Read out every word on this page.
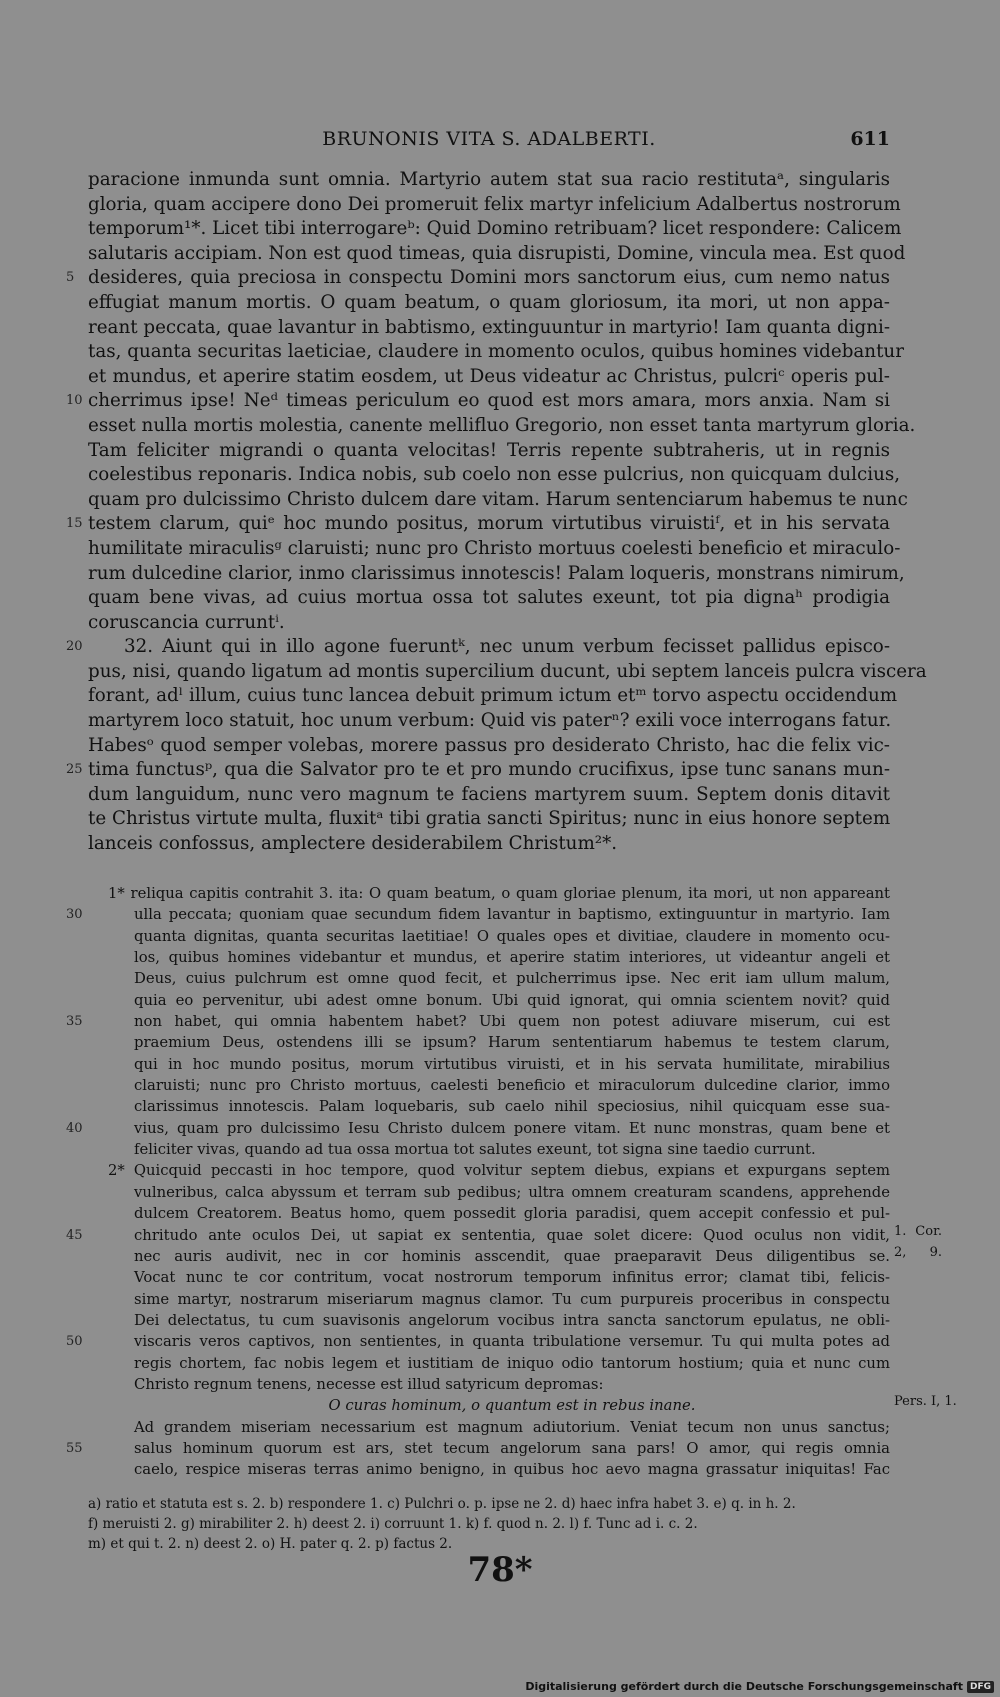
BRUNONIS VITA S. ADALBERTI.	611
paracione inmunda sunt omnia. Martyrio autem stat sua racio restitutaᵃ, singularis
gloria, quam accipere dono Dei promeruit felix martyr infelicium Adalbertus nostrorum
temporum¹*. Licet tibi interrogareᵇ: Quid Domino retribuam? licet respondere: Calicem
salutaris accipiam. Non est quod timeas, quia disrupisti, Domine, vincula mea. Est quod
5 desideres, quia preciosa in conspectu Domini mors sanctorum eius, cum nemo natus
effugiat manum mortis. O quam beatum, o quam gloriosum, ita mori, ut non appa-
reant peccata, quae lavantur in babtismo, extinguuntur in martyrio! Iam quanta digni-
tas, quanta securitas laeticiae, claudere in momento oculos, quibus homines videbantur
et mundus, et aperire statim eosdem, ut Deus videatur ac Christus, pulcriᶜ operis pul-
10 cherrimus ipse! Neᵈ timeas periculum eo quod est mors amara, mors anxia. Nam si
esset nulla mortis molestia, canente mellifluo Gregorio, non esset tanta martyrum gloria.
Tam feliciter migrandi o quanta velocitas! Terris repente subtraheris, ut in regnis
coelestibus reponaris. Indica nobis, sub coelo non esse pulcrius, non quicquam dulcius,
quam pro dulcissimo Christo dulcem dare vitam. Harum sentenciarum habemus te nunc
15 testem clarum, quiᵉ hoc mundo positus, morum virtutibus viruistiᶠ, et in his servata
humilitate miraculisᵍ claruisti; nunc pro Christo mortuus coelesti beneficio et miraculo-
rum dulcedine clarior, inmo clarissimus innotescis! Palam loqueris, monstrans nimirum,
quam bene vivas, ad cuius mortua ossa tot salutes exeunt, tot pia dignaʰ prodigia
coruscancia curruntⁱ.
20 32. Aiunt qui in illo agone fueruntᵏ, nec unum verbum fecisset pallidus episco-
pus, nisi, quando ligatum ad montis supercilium ducunt, ubi septem lanceis pulcra viscera
forant, adˡ illum, cuius tunc lancea debuit primum ictum etᵐ torvo aspectu occidendum
martyrem loco statuit, hoc unum verbum: Quid vis paterⁿ? exili voce interrogans fatur.
Habesᵒ quod semper volebas, morere passus pro desiderato Christo, hac die felix vic-
25 tima functusᵖ, qua die Salvator pro te et pro mundo crucifixus, ipse tunc sanans mun-
dum languidum, nunc vero magnum te faciens martyrem suum. Septem donis ditavit
te Christus virtute multa, fluxitᵃ tibi gratia sancti Spiritus; nunc in eius honore septem
lanceis confossus, amplectere desiderabilem Christum²*.
1* reliqua capitis contrahit 3. ita: O quam beatum, o quam gloriae plenum, ita mori, ut non appareant
30	ulla peccata; quoniam quae secundum fidem lavantur in baptismo, extinguuntur in martyrio. Iam
quanta dignitas, quanta securitas laetitiae! O quales opes et divitiae, claudere in momento ocu-
los, quibus homines videbantur et mundus, et aperire statim interiores, ut videantur angeli et
Deus, cuius pulchrum est omne quod fecit, et pulcherrimus ipse. Nec erit iam ullum malum,
quia eo pervenitur, ubi adest omne bonum. Ubi quid ignorat, qui omnia scientem novit? quid
35	non habet, qui omnia habentem habet? Ubi quem non potest adiuvare miserum, cui est
praemium Deus, ostendens illi se ipsum? Harum sententiarum habemus te testem clarum,
qui in hoc mundo positus, morum virtutibus viruisti, et in his servata humilitate, mirabilius
claruisti; nunc pro Christo mortuus, caelesti beneficio et miraculorum dulcedine clarior, immo
clarissimus innotescis. Palam loquebaris, sub caelo nihil speciosius, nihil quicquam esse sua-
40	vius, quam pro dulcissimo Iesu Christo dulcem ponere vitam. Et nunc monstras, quam bene et
feliciter vivas, quando ad tua ossa mortua tot salutes exeunt, tot signa sine taedio currunt.
2* Quicquid peccasti in hoc tempore, quod volvitur septem diebus, expians et expurgans septem
vulneribus, calca abyssum et terram sub pedibus; ultra omnem creaturam scandens, apprehende
dulcem Creatorem. Beatus homo, quem possedit gloria paradisi, quem accepit confessio et pul-
45	chritudo ante oculos Dei, ut sapiat ex sententia, quae solet dicere: Quod oculus non vidit, 1. Cor.
nec auris audivit, nec in cor hominis asscendit, quae praeparavit Deus diligentibus se. 2, 9.
Vocat nunc te cor contritum, vocat nostrorum temporum infinitus error; clamat tibi, felicis-
sime martyr, nostrarum miseriarum magnus clamor. Tu cum purpureis proceribus in conspectu
Dei delectatus, tu cum suavisonis angelorum vocibus intra sancta sanctorum epulatus, ne obli-
50	viscaris veros captivos, non sentientes, in quanta tribulatione versemur. Tu qui multa potes ad
regis chortem, fac nobis legem et iustitiam de iniquo odio tantorum hostium; quia et nunc cum
Christo regnum tenens, necesse est illud satyricum depromas:
O curas hominum, o quantum est in rebus inane.	Pers. I, 1.
Ad grandem miseriam necessarium est magnum adiutorium. Veniat tecum non unus sanctus;
55	salus hominum quorum est ars, stet tecum angelorum sana pars! O amor, qui regis omnia
caelo, respice miseras terras animo benigno, in quibus hoc aevo magna grassatur iniquitas! Fac
a) ratio et statuta est s. 2. b) respondere 1. c) Pulchri o. p. ipse ne 2. d) haec infra habet 3. e) q. in h. 2.
f) meruisti 2. g) mirabiliter 2. h) deest 2. i) corruunt 1. k) f. quod n. 2. l) f. Tunc ad i. c. 2.
m) et qui t. 2. n) deest 2. o) H. pater q. 2. p) factus 2.
78*
Digitalisierung gefördert durch die Deutsche Forschungsgemeinschaft DFG
